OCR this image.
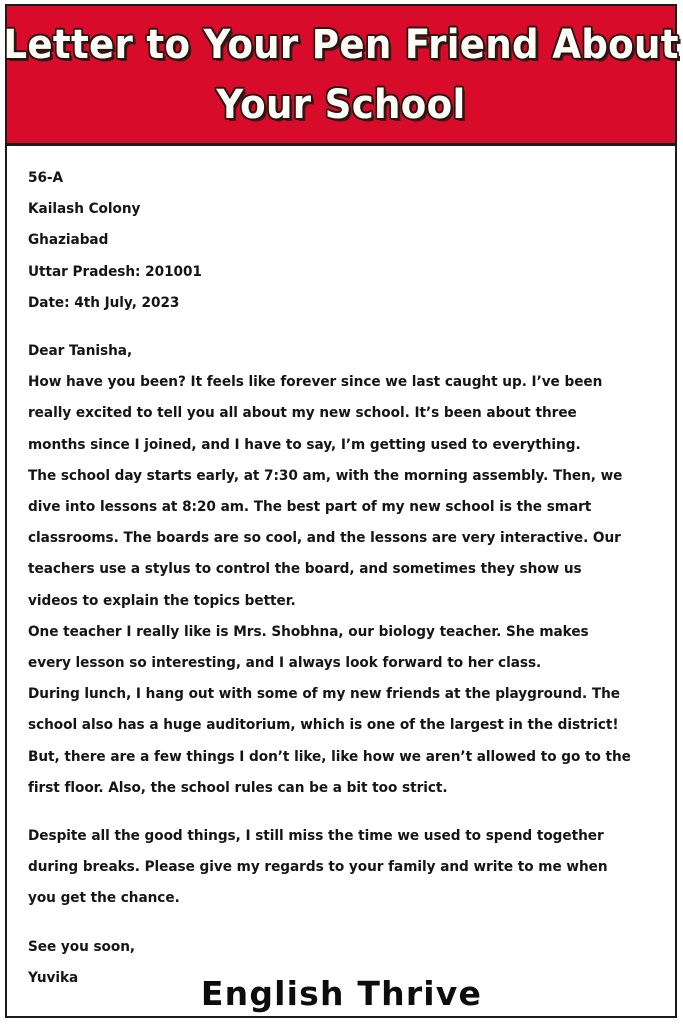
Letter to Your Pen Friend About
Your School
56-A
Kailash Colony
Ghaziabad
Uttar Pradesh: 201001
Date: 4th July, 2023
Dear Tanisha,

How have you been? It feels like forever since we last caught up. I’ve been really excited to tell you all about my new school. It’s been about three months since I joined, and I have to say, I’m getting used to everything.

The school day starts early, at 7:30 am, with the morning assembly. Then, we dive into lessons at 8:20 am. The best part of my new school is the smart classrooms. The boards are so cool, and the lessons are very interactive. Our teachers use a stylus to control the board, and sometimes they show us videos to explain the topics better.

One teacher I really like is Mrs. Shobhna, our biology teacher. She makes every lesson so interesting, and I always look forward to her class.

During lunch, I hang out with some of my new friends at the playground. The school also has a huge auditorium, which is one of the largest in the district! But, there are a few things I don’t like, like how we aren’t allowed to go to the first floor. Also, the school rules can be a bit too strict.

Despite all the good things, I still miss the time we used to spend together during breaks. Please give my regards to your family and write to me when you get the chance.

See you soon,
Yuvika	English Thrive
